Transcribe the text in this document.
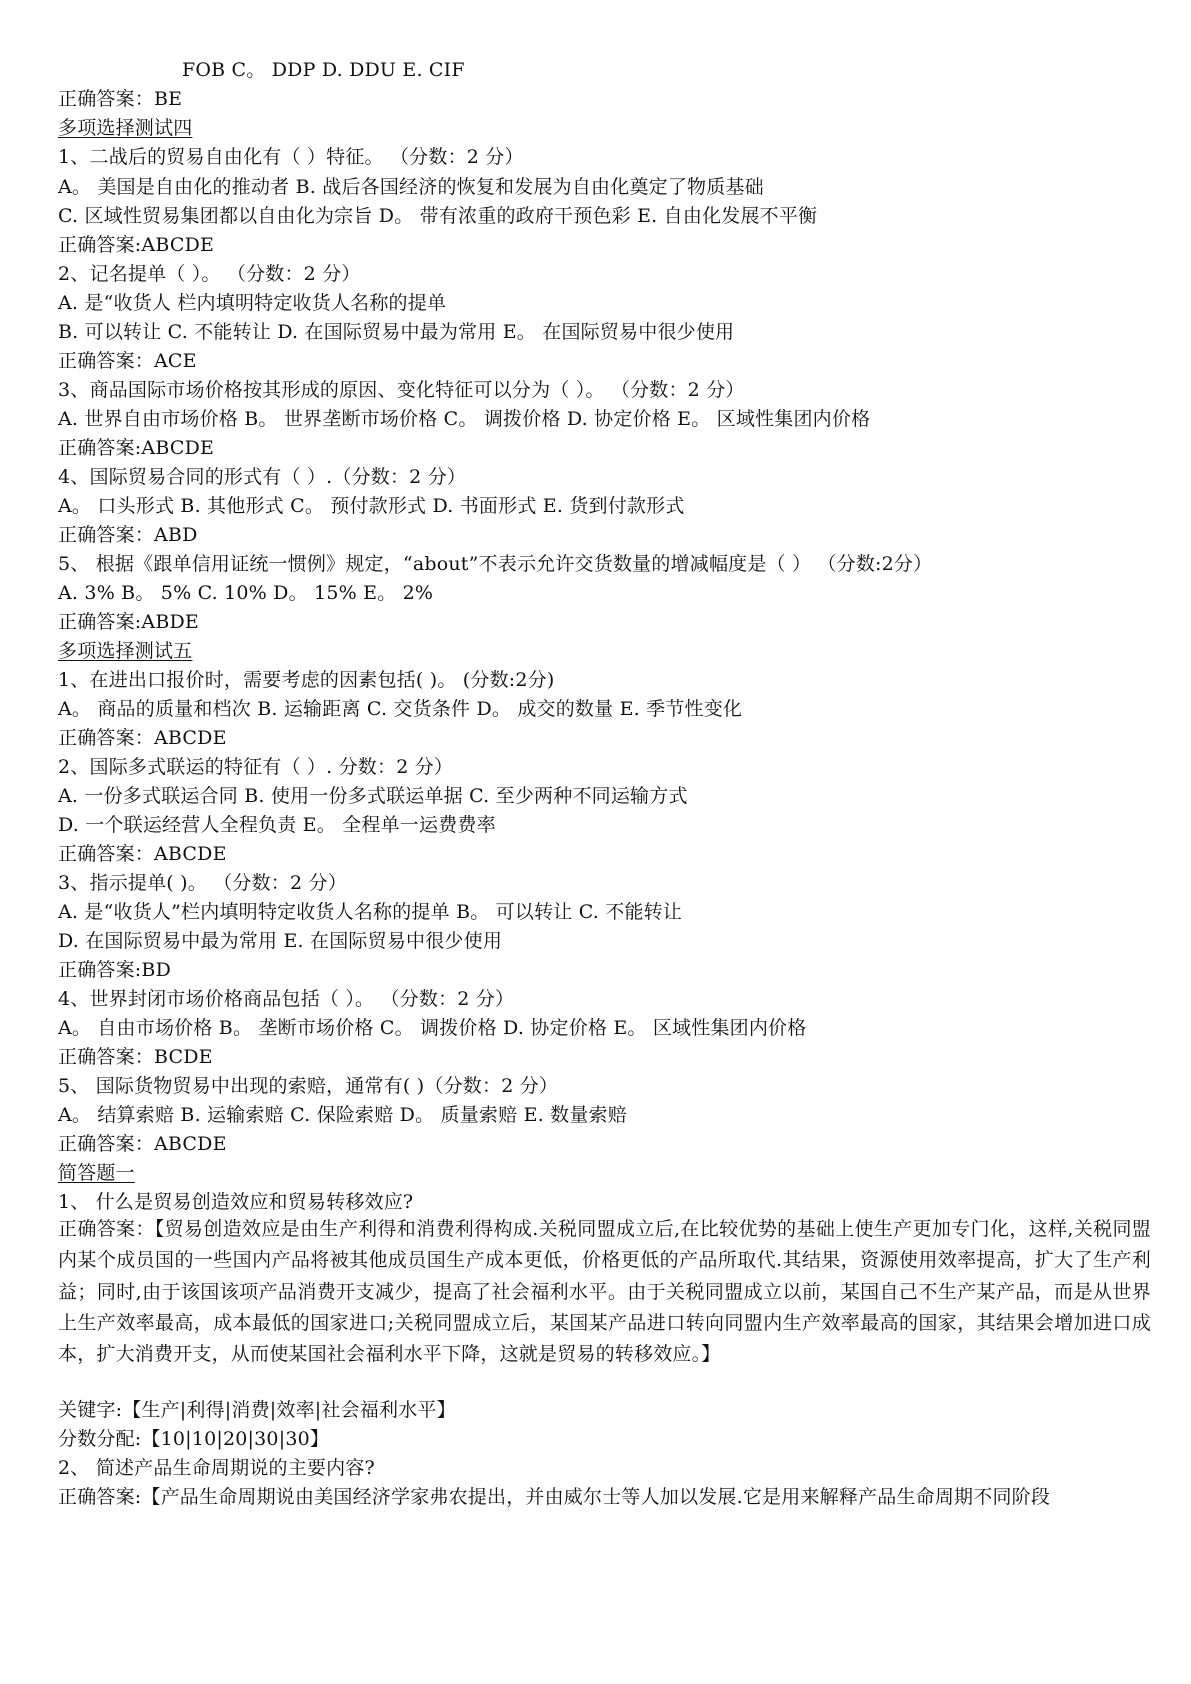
FOB C。 DDP D. DDU E. CIF
正确答案：BE
多项选择测试四
1、二战后的贸易自由化有（ ）特征。 （分数：2 分）
A。 美国是自由化的推动者 B. 战后各国经济的恢复和发展为自由化奠定了物质基础
C. 区域性贸易集团都以自由化为宗旨 D。 带有浓重的政府干预色彩 E. 自由化发展不平衡
正确答案:ABCDE
2、记名提单（ ）。 （分数：2 分）
A. 是“收货人 栏内填明特定收货人名称的提单
B. 可以转让 C. 不能转让 D. 在国际贸易中最为常用 E。 在国际贸易中很少使用
正确答案：ACE
3、商品国际市场价格按其形成的原因、变化特征可以分为（ ）。 （分数：2 分）
A. 世界自由市场价格 B。 世界垄断市场价格 C。 调拨价格 D. 协定价格 E。 区域性集团内价格
正确答案:ABCDE
4、国际贸易合同的形式有（ ）.（分数：2 分）
A。 口头形式 B. 其他形式 C。 预付款形式 D. 书面形式 E. 货到付款形式
正确答案：ABD
5、 根据《跟单信用证统一惯例》规定，“about”不表示允许交货数量的增减幅度是（ ） （分数:2分）
A. 3% B。 5% C. 10% D。 15% E。 2%
正确答案:ABDE
多项选择测试五
1、在进出口报价时，需要考虑的因素包括( )。 (分数:2分)
A。 商品的质量和档次 B. 运输距离 C. 交货条件 D。 成交的数量 E. 季节性变化
正确答案：ABCDE
2、国际多式联运的特征有（ ）. 分数：2 分）
A. 一份多式联运合同 B. 使用一份多式联运单据 C. 至少两种不同运输方式
D. 一个联运经营人全程负责 E。 全程单一运费费率
正确答案：ABCDE
3、指示提单( )。 （分数：2 分）
A. 是“收货人”栏内填明特定收货人名称的提单 B。 可以转让 C. 不能转让
D. 在国际贸易中最为常用 E. 在国际贸易中很少使用
正确答案:BD
4、世界封闭市场价格商品包括（ ）。 （分数：2 分）
A。 自由市场价格 B。 垄断市场价格 C。 调拨价格 D. 协定价格 E。 区域性集团内价格
正确答案：BCDE
5、 国际货物贸易中出现的索赔，通常有( )（分数：2 分）
A。 结算索赔 B. 运输索赔 C. 保险索赔 D。 质量索赔 E. 数量索赔
正确答案：ABCDE
简答题一
1、 什么是贸易创造效应和贸易转移效应?
正确答案：【贸易创造效应是由生产利得和消费利得构成.关税同盟成立后,在比较优势的基础上使生产更加专门化，这样,关税同盟内某个成员国的一些国内产品将被其他成员国生产成本更低，价格更低的产品所取代.其结果，资源使用效率提高，扩大了生产利益；同时,由于该国该项产品消费开支减少，提高了社会福利水平。由于关税同盟成立以前，某国自己不生产某产品，而是从世界上生产效率最高，成本最低的国家进口;关税同盟成立后，某国某产品进口转向同盟内生产效率最高的国家，其结果会增加进口成本，扩大消费开支，从而使某国社会福利水平下降，这就是贸易的转移效应。】
关键字:【生产|利得|消费|效率|社会福利水平】
分数分配:【10|10|20|30|30】
2、 简述产品生命周期说的主要内容?
正确答案:【产品生命周期说由美国经济学家弗农提出，并由威尔士等人加以发展.它是用来解释产品生命周期不同阶段
